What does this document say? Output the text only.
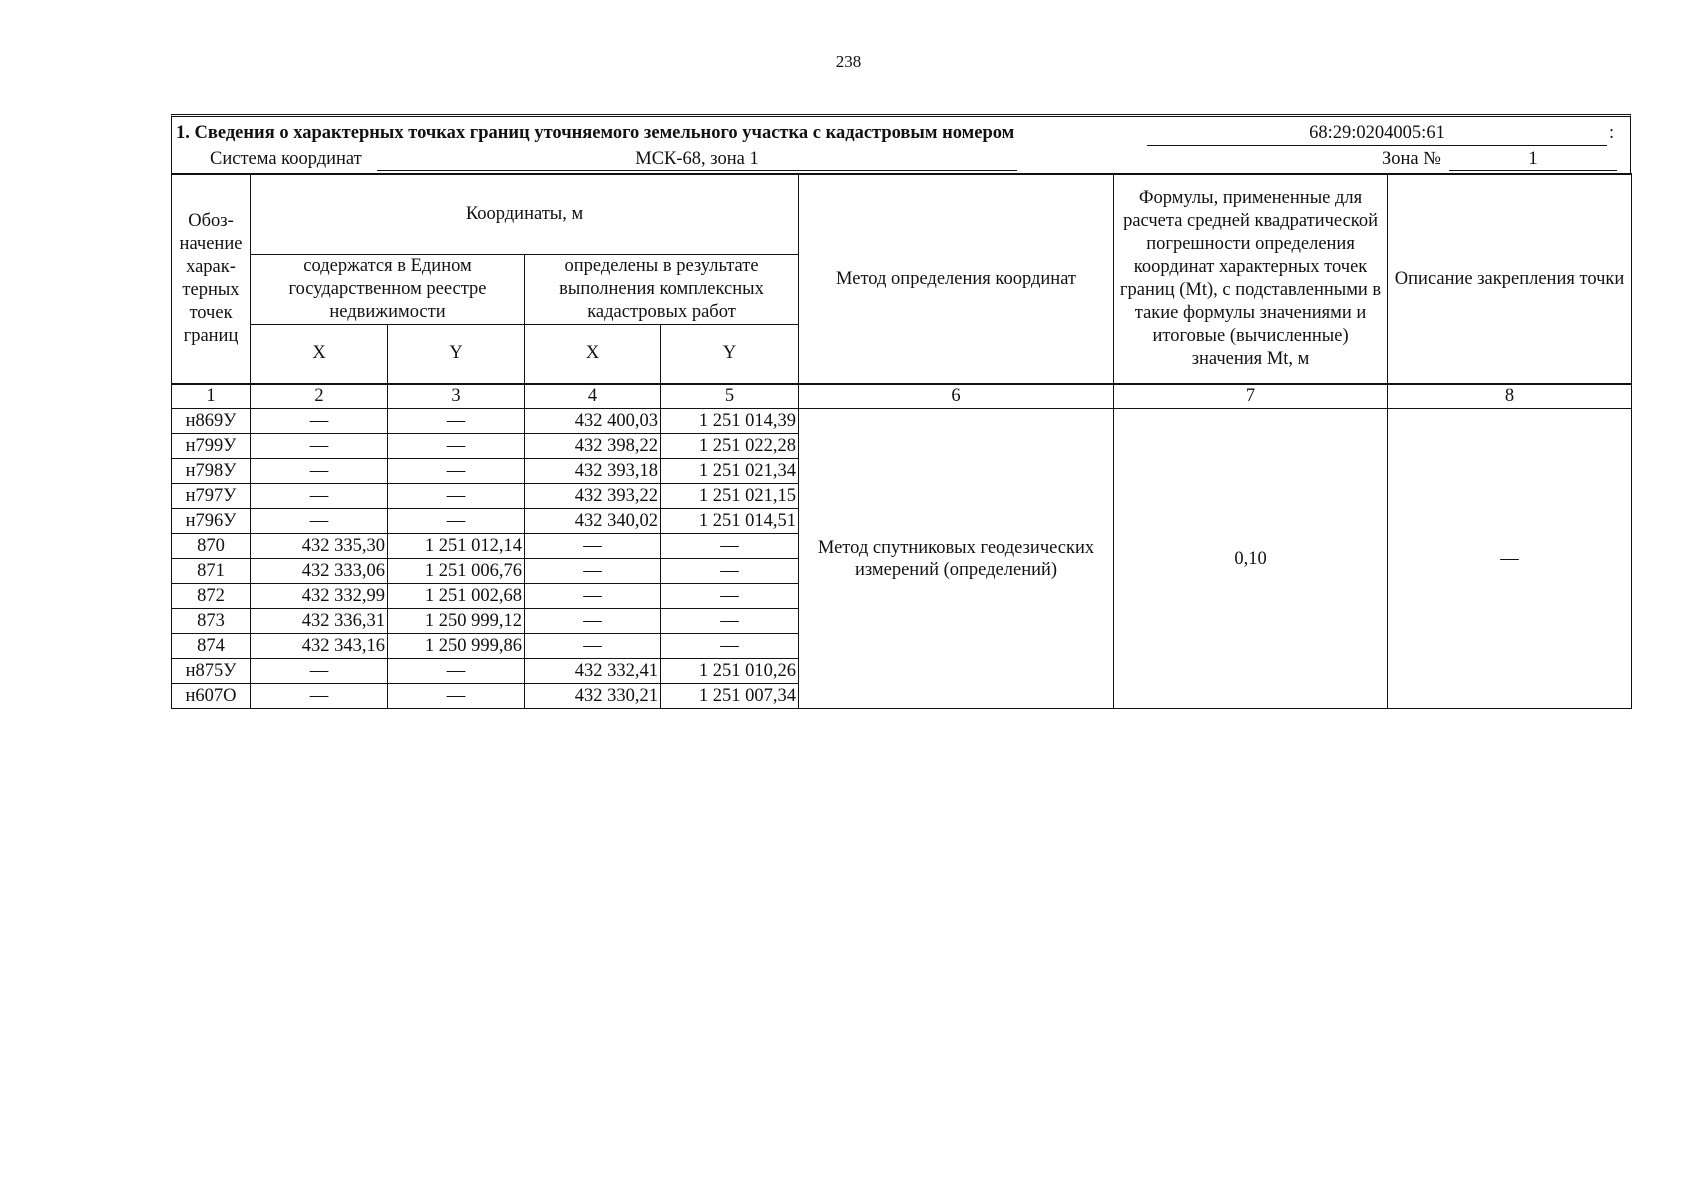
238
1. Сведения о характерных точках границ уточняемого земельного участка с кадастровым номером	68:29:0204005:61	:
Система координат	МСК-68, зона 1	Зона №	1
Обоз- начение харак- терных точек границ	Координаты, м				Метод определения координат	Формулы, примененные для расчета средней квадратической погрешности определения координат характерных точек границ (Mt), с подставленными в такие формулы значениями и итоговые (вычисленные) значения Mt, м	Описание закрепления точки
	содержатся в Едином государственном реестре недвижимости		определены в результате выполнения комплексных кадастровых работ				
	X	Y	X	Y			
1	2	3	4	5	6	7	8
н869У	—	—	432 400,03	1 251 014,39	Метод спутниковых геодезических измерений (определений)	0,10	—
н799У	—	—	432 398,22	1 251 022,28			
н798У	—	—	432 393,18	1 251 021,34			
н797У	—	—	432 393,22	1 251 021,15			
н796У	—	—	432 340,02	1 251 014,51			
870	432 335,30	1 251 012,14	—	—			
871	432 333,06	1 251 006,76	—	—			
872	432 332,99	1 251 002,68	—	—			
873	432 336,31	1 250 999,12	—	—			
874	432 343,16	1 250 999,86	—	—			
н875У	—	—	432 332,41	1 251 010,26			
н607О	—	—	432 330,21	1 251 007,34			
